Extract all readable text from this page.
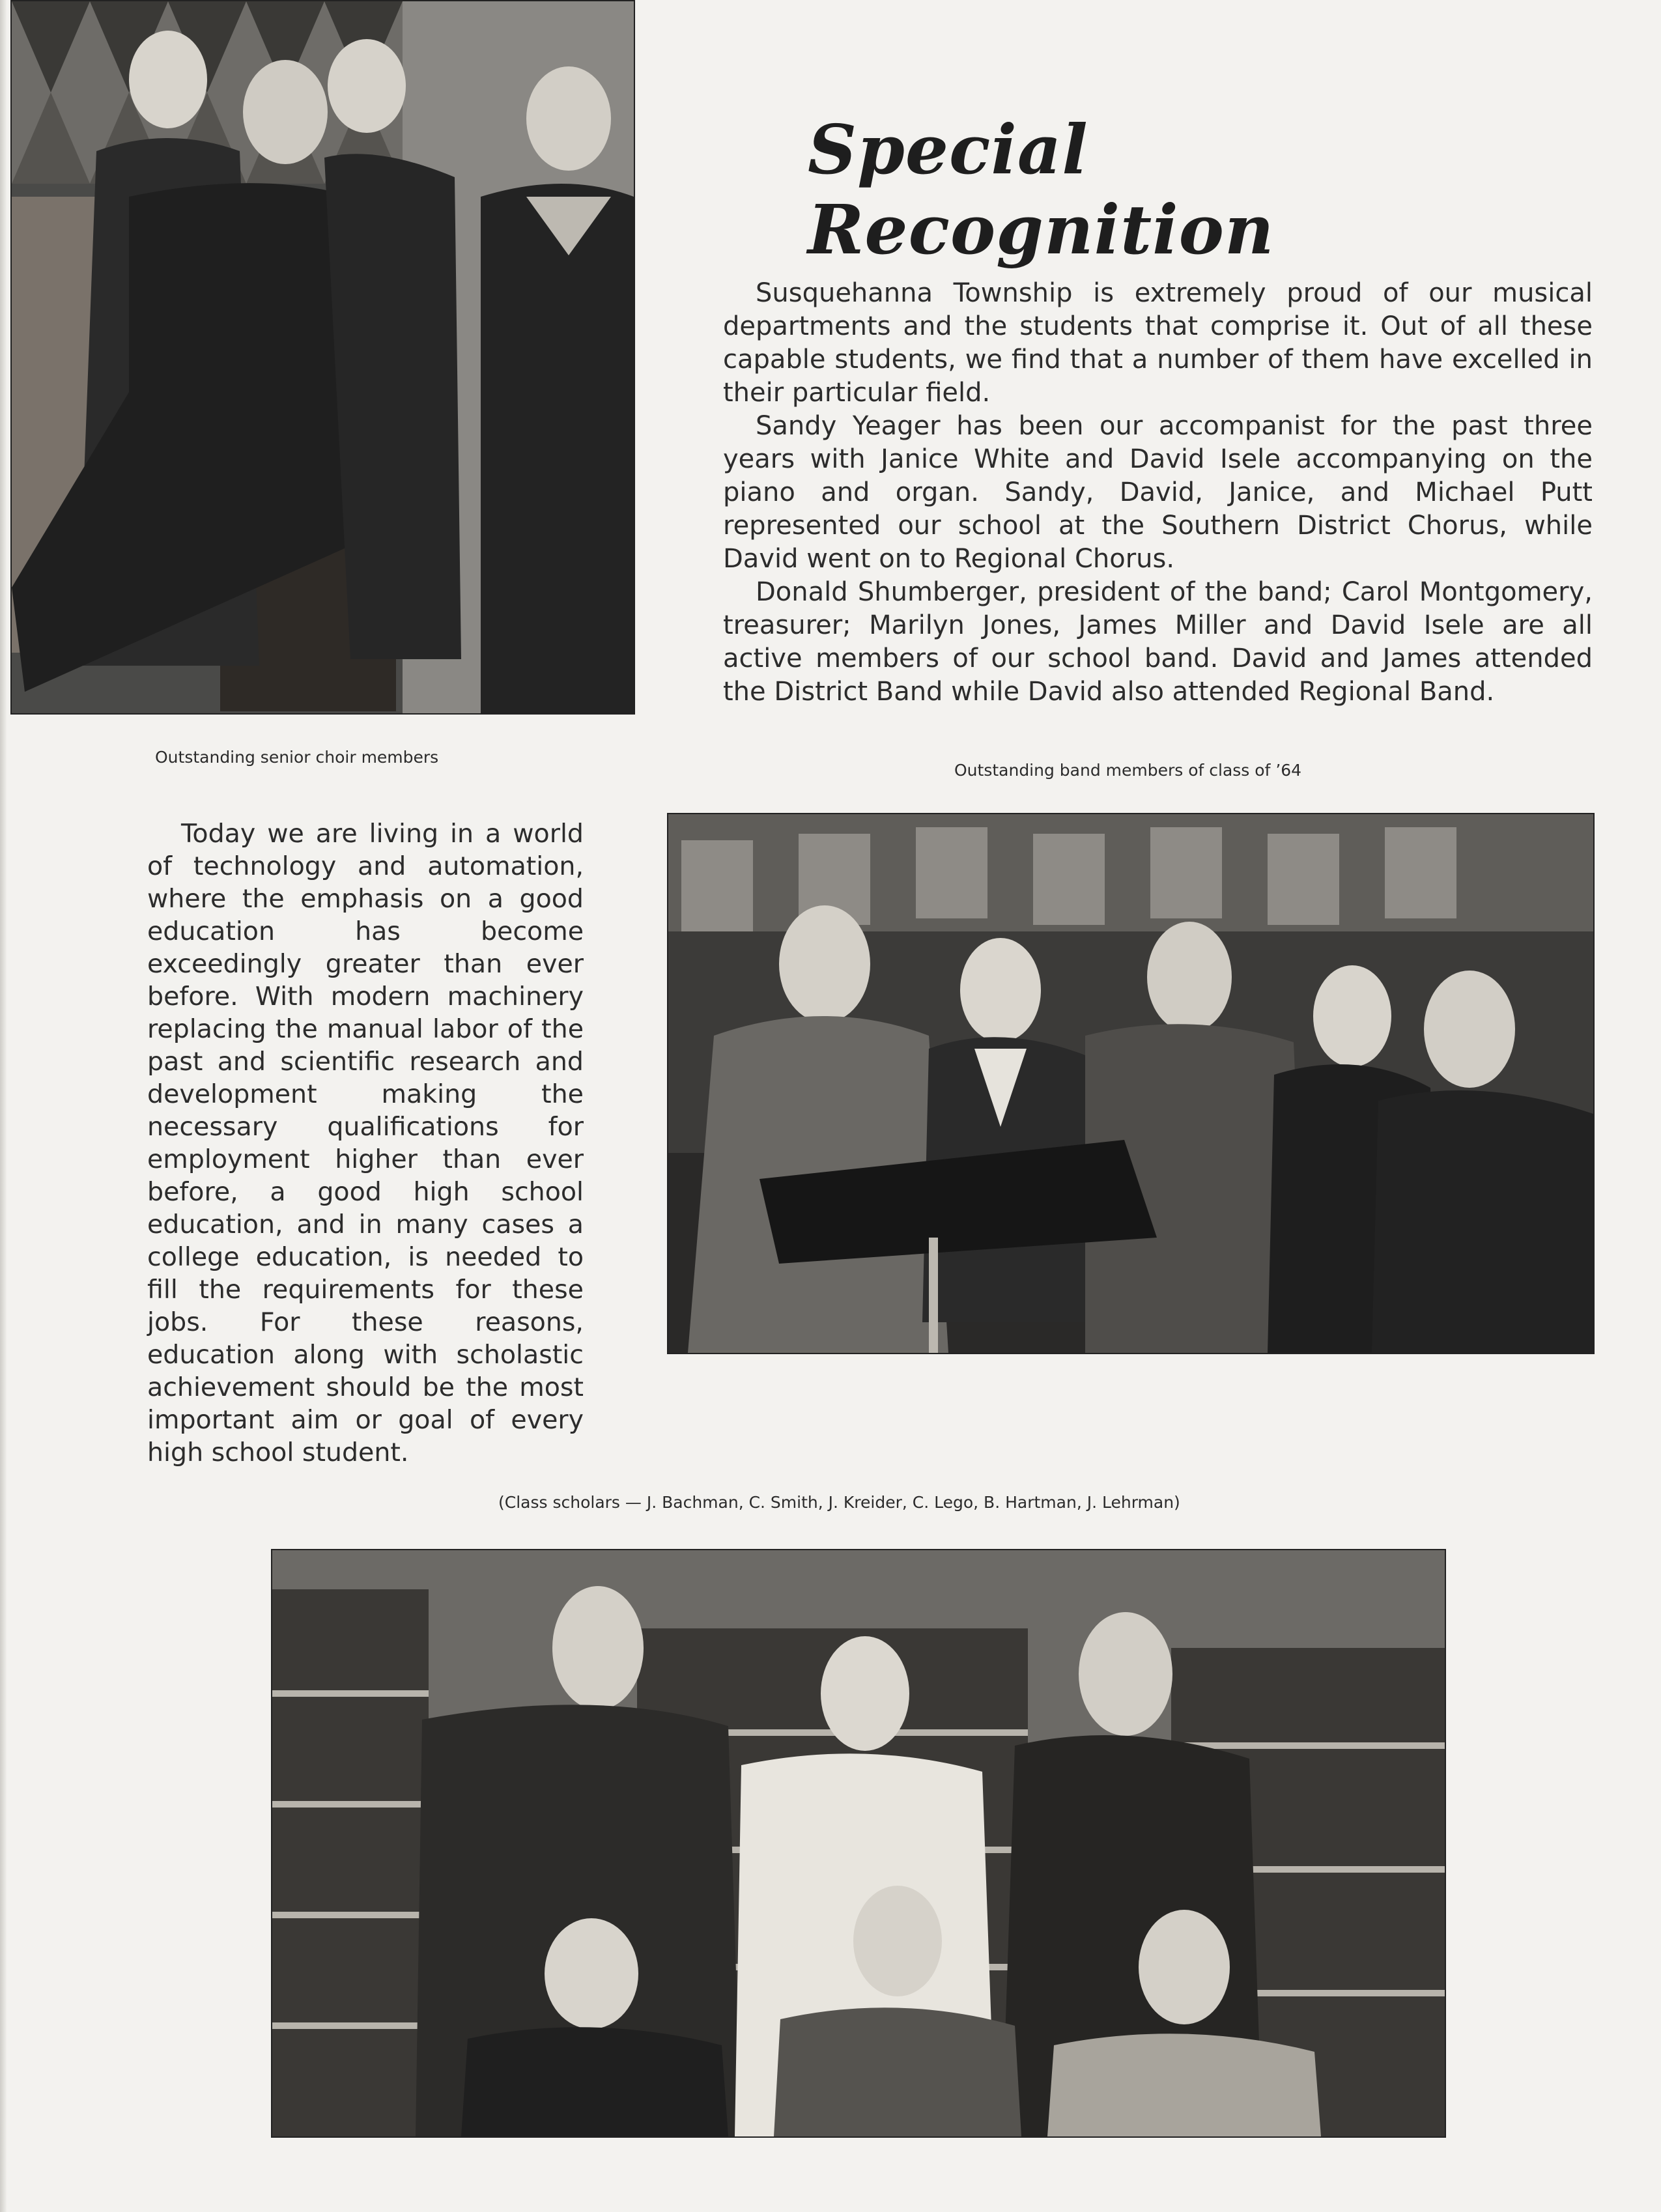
Special Recognition

Susquehanna Township is extremely proud of our musical departments and the students that comprise it. Out of all these capable students, we find that a number of them have excelled in their particular field.

Sandy Yeager has been our accompanist for the past three years with Janice White and David Isele accompanying on the piano and organ. Sandy, David, Janice, and Michael Putt represented our school at the Southern District Chorus, while David went on to Regional Chorus.

Donald Shumberger, president of the band; Carol Montgomery, treasurer; Marilyn Jones, James Miller and David Isele are all active members of our school band. David and James attended the District Band while David also attended Regional Band.

Outstanding senior choir members
Outstanding band members of class of ’64

Today we are living in a world of technology and automation, where the emphasis on a good education has become exceedingly greater than ever before. With modern machinery replacing the manual labor of the past and scientific research and development making the necessary qualifications for employment higher than ever before, a good high school education, and in many cases a college education, is needed to fill the requirements for these jobs. For these reasons, education along with scholastic achievement should be the most important aim or goal of every high school student.

(Class scholars — J. Bachman, C. Smith, J. Kreider, C. Lego, B. Hartman, J. Lehrman)
